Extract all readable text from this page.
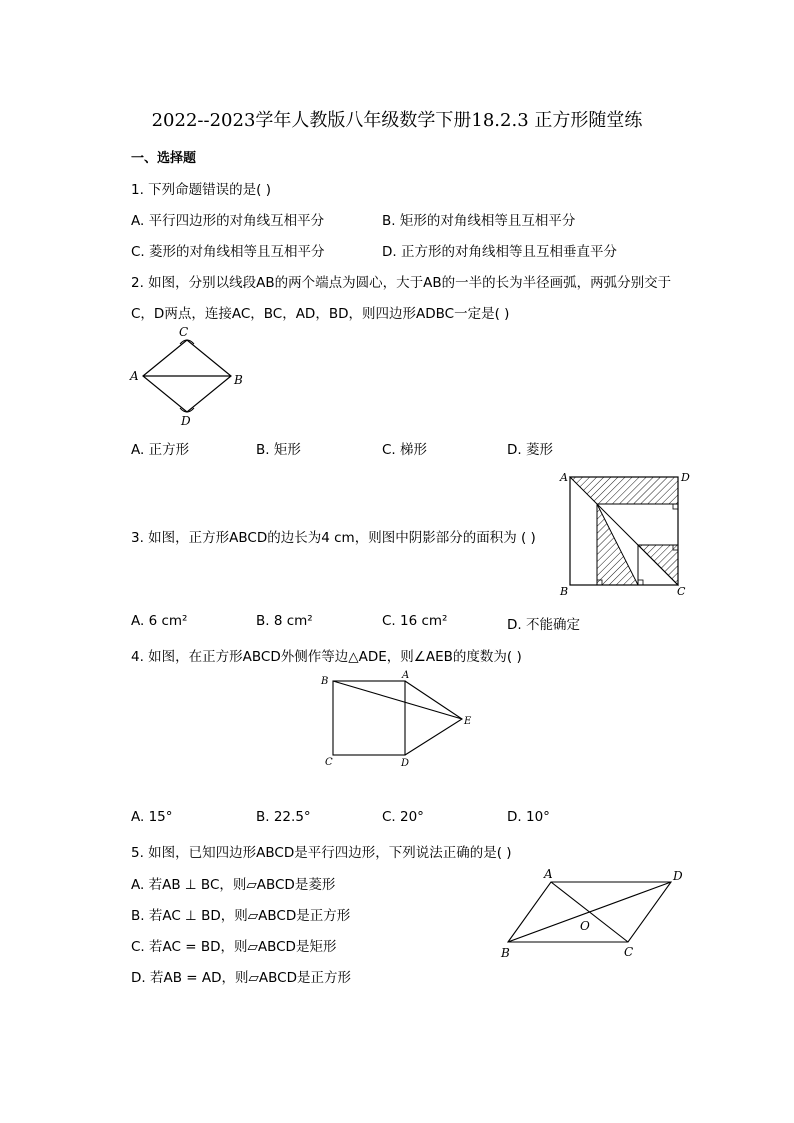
2022--2023学年人教版八年级数学下册18.2.3 正方形随堂练
一、选择题
1. 下列命题错误的是( )
A. 平行四边形的对角线互相平分	B. 矩形的对角线相等且互相平分
C. 菱形的对角线相等且互相平分	D. 正方形的对角线相等且互相垂直平分
2. 如图，分别以线段AB的两个端点为圆心，大于AB的一半的长为半径画弧，两弧分别交于
C，D两点，连接AC，BC，AD，BD，则四边形ADBC一定是( )
C
A	B
D
A. 正方形	B. 矩形	C. 梯形	D. 菱形
3. 如图，正方形ABCD的边长为4 cm，则图中阴影部分的面积为 ( )
A	D
B	C
A. 6 cm²	B. 8 cm²	C. 16 cm²	D. 不能确定
4. 如图，在正方形ABCD外侧作等边△ADE，则∠AEB的度数为( )
B
A
E
C	D
A. 15°	B. 22.5°	C. 20°	D. 10°
5. 如图，已知四边形ABCD是平行四边形，下列说法正确的是( )
A. 若AB ⊥ BC，则▱ABCD是菱形
B. 若AC ⊥ BD，则▱ABCD是正方形
C. 若AC = BD，则▱ABCD是矩形
D. 若AB = AD，则▱ABCD是正方形
A	D
B	C
O
